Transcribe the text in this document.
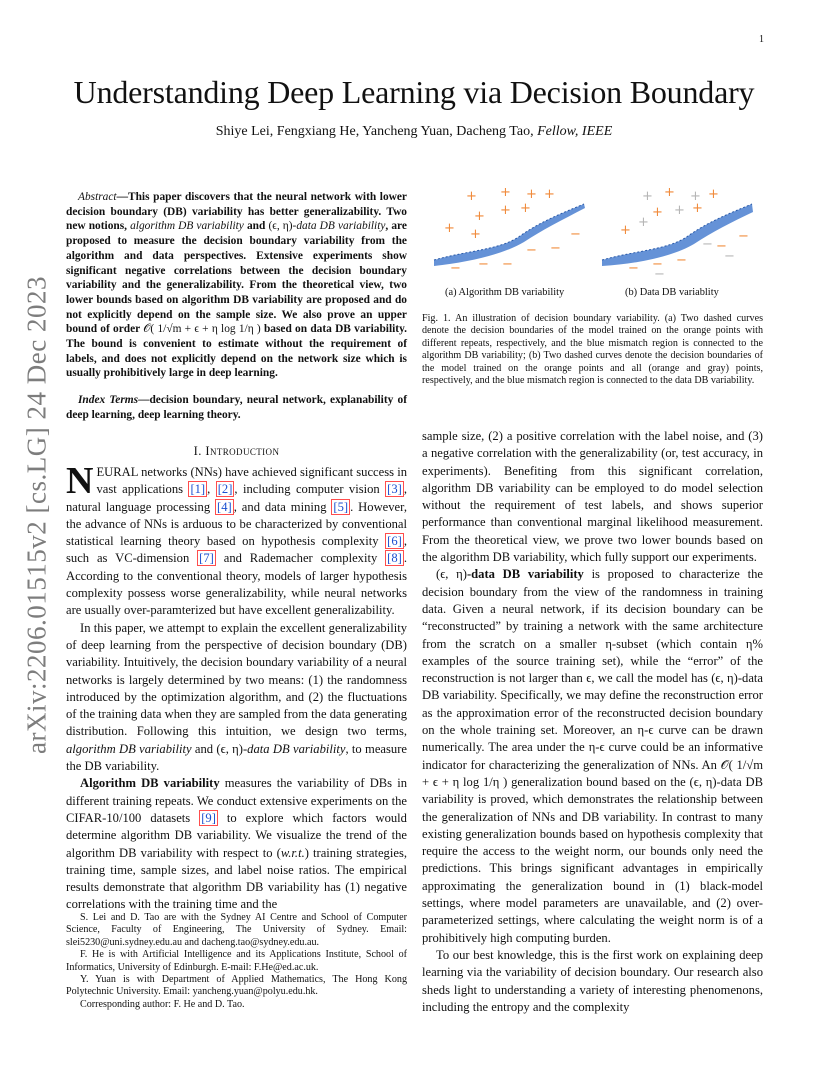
1
arXiv:2206.01515v2 [cs.LG] 24 Dec 2023
Understanding Deep Learning via Decision Boundary
Shiye Lei, Fengxiang He, Yancheng Yuan, Dacheng Tao, Fellow, IEEE
Abstract—This paper discovers that the neural network with lower decision boundary (DB) variability has better generalizability. Two new notions, algorithm DB variability and (ϵ, η)-data DB variability, are proposed to measure the decision boundary variability from the algorithm and data perspectives. Extensive experiments show significant negative correlations between the decision boundary variability and the generalizability. From the theoretical view, two lower bounds based on algorithm DB variability are proposed and do not explicitly depend on the sample size. We also prove an upper bound of order 𝒪( 1/√m + ϵ + η log 1/η ) based on data DB variability. The bound is convenient to estimate without the requirement of labels, and does not explicitly depend on the network size which is usually prohibitively large in deep learning.
Index Terms—decision boundary, neural network, explanability of deep learning, deep learning theory.
I. Introduction

NEURAL networks (NNs) have achieved significant success in vast applications [1] , [2] , including computer vision [3] , natural language processing [4] , and data mining [5] . However, the advance of NNs is arduous to be characterized by conventional statistical learning theory based on hypothesis complexity [6] , such as VC-dimension [7] and Rademacher complexity [8] . According to the conventional theory, models of larger hypothesis complexity possess worse generalizability, while neural networks are usually over-paramterized but have excellent generalizability.

In this paper, we attempt to explain the excellent generalizability of deep learning from the perspective of decision boundary (DB) variability. Intuitively, the decision boundary variability of a neural networks is largely determined by two means: (1) the randomness introduced by the optimization algorithm, and (2) the fluctuations of the training data when they are sampled from the data generating distribution. Following this intuition, we design two terms, algorithm DB variability and (ϵ, η)-data DB variability, to measure the DB variability.

Algorithm DB variability measures the variability of DBs in different training repeats. We conduct extensive experiments on the CIFAR-10/100 datasets [9] to explore which factors would determine algorithm DB variability. We visualize the trend of the algorithm DB variability with respect to (w.r.t.) training strategies, training time, sample sizes, and label noise ratios. The empirical results demonstrate that algorithm DB variability has (1) negative correlations with the training time and the

S. Lei and D. Tao are with the Sydney AI Centre and School of Computer Science, Faculty of Engineering, The University of Sydney. Email: slei5230@uni.sydney.edu.au and dacheng.tao@sydney.edu.au.

F. He is with Artificial Intelligence and its Applications Institute, School of Informatics, University of Edinburgh. E-mail: F.He@ed.ac.uk.

Y. Yuan is with Department of Applied Mathematics, The Hong Kong Polytechnic University. Email: yancheng.yuan@polyu.edu.hk.

Corresponding author: F. He and D. Tao.

+
+ + + +
+ + +
+	−
− −
−
−
−
+	+
+
+
+
+	+
+ +
−
−
−
−
−
−
−
−
(a) Algorithm DB variability	(b) Data DB variablity
Fig. 1. An illustration of decision boundary variability. (a) Two dashed curves denote the decision boundaries of the model trained on the orange points with different repeats, respectively, and the blue mismatch region is connected to the algorithm DB variability; (b) Two dashed curves denote the decision boundaries of the model trained on the orange points and all (orange and gray) points, respectively, and the blue mismatch region is connected to the data DB variability.

sample size, (2) a positive correlation with the label noise, and (3) a negative correlation with the generalizability (or, test accuracy, in experiments). Benefiting from this significant correlation, algorithm DB variability can be employed to do model selection without the requirement of test labels, and shows superior performance than conventional marginal likelihood measurement. From the theoretical view, we prove two lower bounds based on the algorithm DB variability, which fully support our experiments.

(ϵ, η)-data DB variability is proposed to characterize the decision boundary from the view of the randomness in training data. Given a neural network, if its decision boundary can be “reconstructed” by training a network with the same architecture from the scratch on a smaller η-subset (which contain η% examples of the source training set), while the “error” of the reconstruction is not larger than ϵ, we call the model has (ϵ, η)-data DB variability. Specifically, we may define the reconstruction error as the approximation error of the reconstructed decision boundary on the whole training set. Moreover, an η-ϵ curve can be drawn numerically. The area under the η-ϵ curve could be an informative indicator for characterizing the generalization of NNs. An 𝒪( 1/√m + ϵ + η log 1/η ) generalization bound based on the (ϵ, η)-data DB variability is proved, which demonstrates the relationship between the generalization of NNs and DB variability. In contrast to many existing generalization bounds based on hypothesis complexity that require the access to the weight norm, our bounds only need the predictions. This brings significant advantages in empirically approximating the generalization bound in (1) black-model settings, where model parameters are unavailable, and (2) over-parameterized settings, where calculating the weight norm is of a prohibitively high computing burden.

To our best knowledge, this is the first work on explaining deep learning via the variability of decision boundary. Our research also sheds light to understanding a variety of interesting phenomenons, including the entropy and the complexity
